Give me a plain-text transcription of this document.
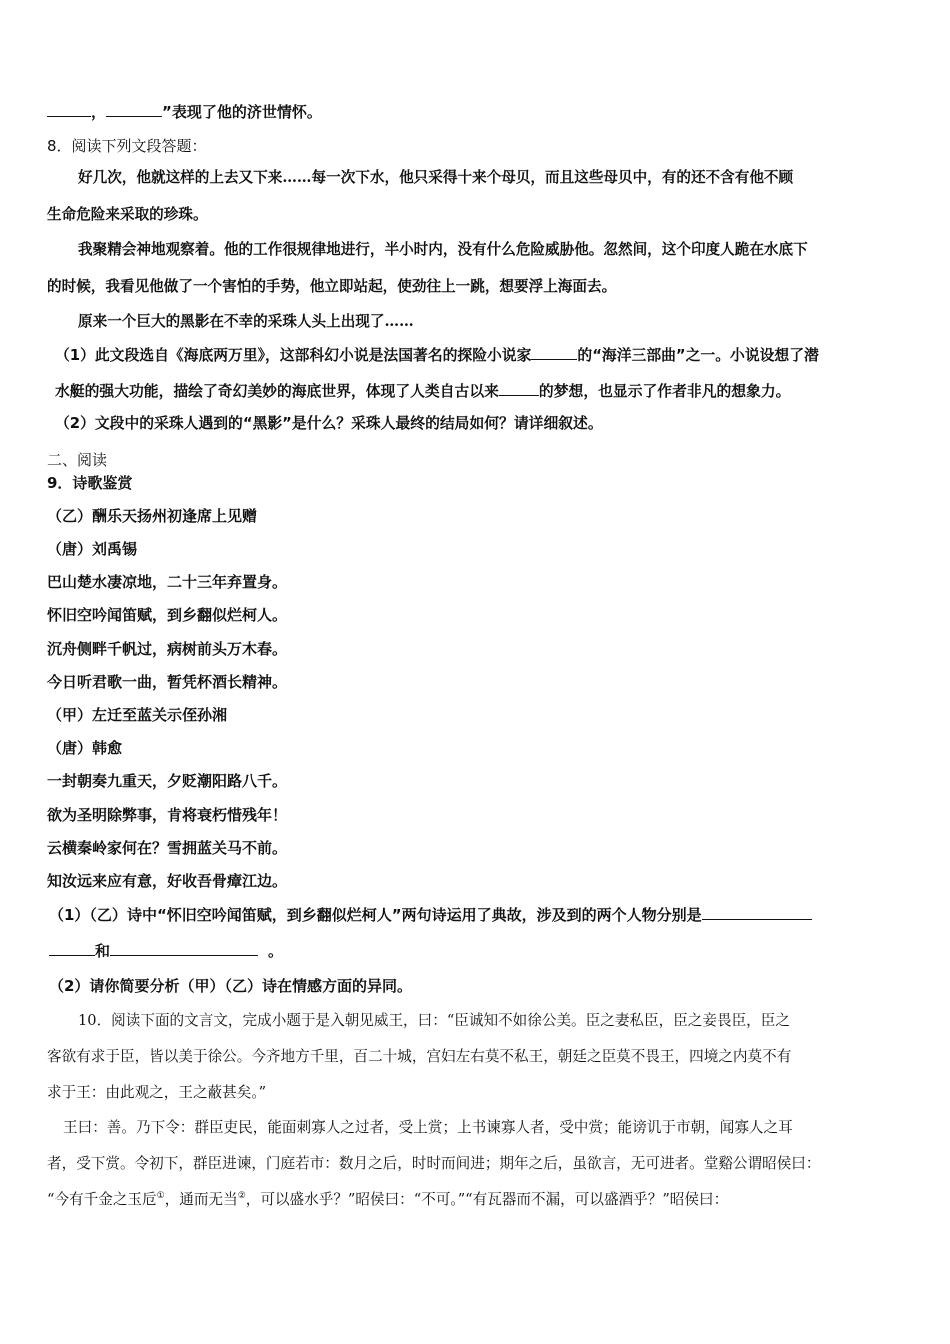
，	”表现了他的济世情怀。
8．阅读下列文段答题：
好几次，他就这样的上去又下来……每一次下水，他只采得十来个母贝，而且这些母贝中，有的还不含有他不顾
生命危险来采取的珍珠。
我聚精会神地观察着。他的工作很规律地进行，半小时内，没有什么危险威胁他。忽然间，这个印度人跪在水底下
的时候，我看见他做了一个害怕的手势，他立即站起，使劲往上一跳，想要浮上海面去。
原来一个巨大的黑影在不幸的采珠人头上出现了……
（1）此文段选自《海底两万里》，这部科幻小说是法国著名的探险小说家	的“海洋三部曲”之一。小说设想了潜
水艇的强大功能，描绘了奇幻美妙的海底世界，体现了人类自古以来	的梦想，也显示了作者非凡的想象力。
（2）文段中的采珠人遇到的“黑影”是什么？采珠人最终的结局如何？请详细叙述。
二、阅读
9．诗歌鉴赏
（乙）酬乐天扬州初逢席上见赠
（唐）刘禹锡
巴山楚水凄凉地，二十三年弃置身。
怀旧空吟闻笛赋，到乡翻似烂柯人。
沉舟侧畔千帆过，病树前头万木春。
今日听君歌一曲，暂凭杯酒长精神。
（甲）左迁至蓝关示侄孙湘
（唐）韩愈
一封朝奏九重天，夕贬潮阳路八千。
欲为圣明除弊事，肯将衰朽惜残年！
云横秦岭家何在？雪拥蓝关马不前。
知汝远来应有意，好收吾骨瘴江边。
（1）（乙）诗中“怀旧空吟闻笛赋，到乡翻似烂柯人”两句诗运用了典故，涉及到的两个人物分别是
和	。
（2）请你简要分析（甲）（乙）诗在情感方面的异同。
10．阅读下面的文言文，完成小题于是入朝见威王，曰：“臣诚知不如徐公美。臣之妻私臣，臣之妾畏臣，臣之
客欲有求于臣，皆以美于徐公。今齐地方千里，百二十城，宫妇左右莫不私王，朝廷之臣莫不畏王，四境之内莫不有
求于王：由此观之，王之蔽甚矣。”
王曰：善。乃下令：群臣吏民，能面刺寡人之过者，受上赏；上书谏寡人者，受中赏；能谤讥于市朝，闻寡人之耳
者，受下赏。令初下，群臣进谏，门庭若市：数月之后，时时而间进；期年之后，虽欲言，无可进者。堂谿公谓昭侯曰：
“今有千金之玉卮①，通而无当②，可以盛水乎？”昭侯曰：“不可。”“有瓦器而不漏，可以盛酒乎？”昭侯曰：
